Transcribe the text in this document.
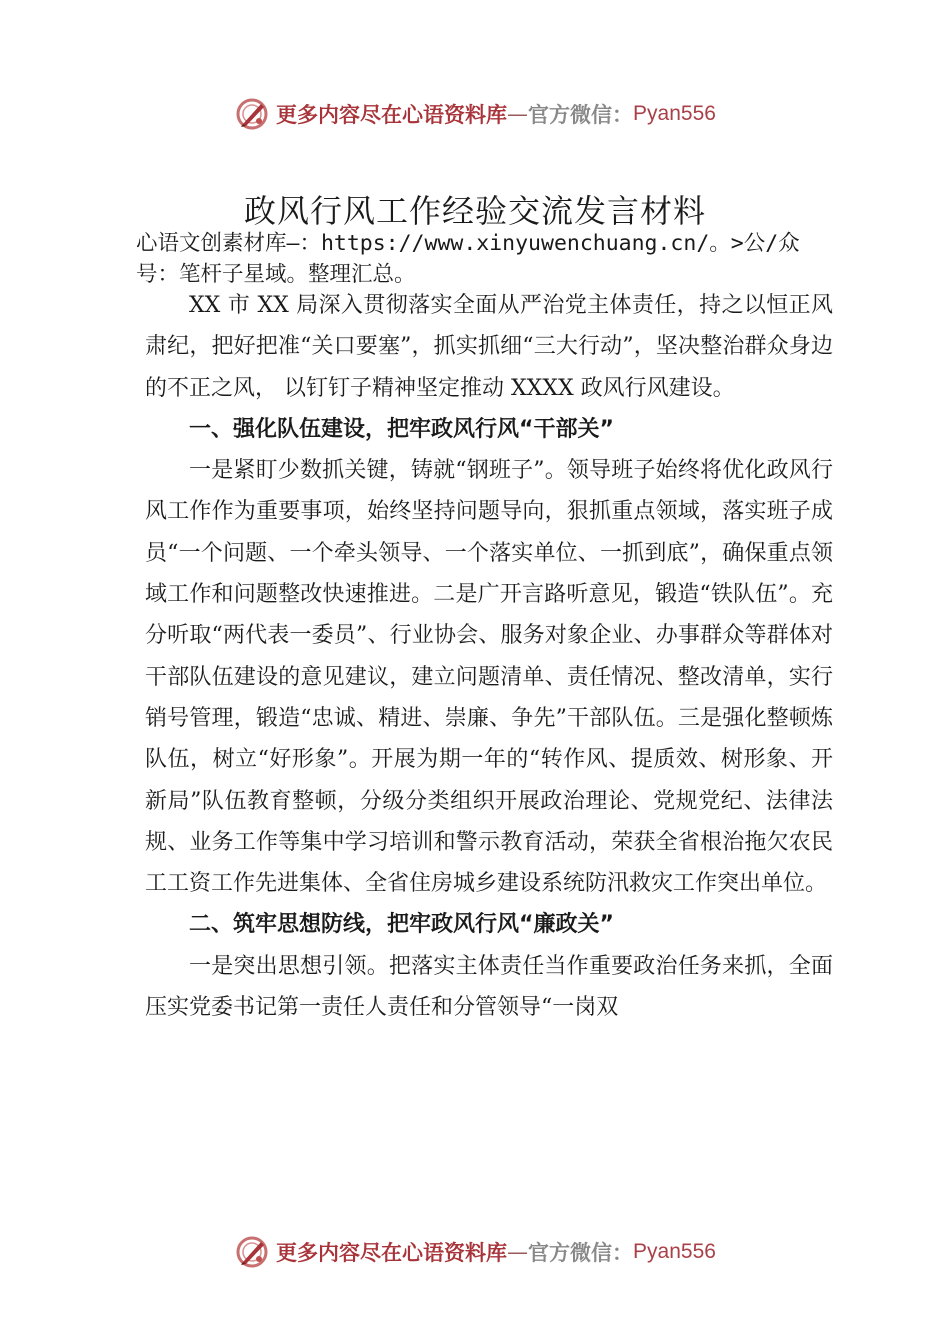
更多内容尽在心语资料库 — 官方微信： Pyan556
政风行风工作经验交流发言材料
心语文创素材库—：https://www.xinyuwenchuang.cn/。>公/众号：笔杆子星域。整理汇总。

XX 市 XX 局深入贯彻落实全面从严治党主体责任，持之以恒正风肃纪，把好把准“关口要塞”，抓实抓细“三大行动”，坚决整治群众身边的不正之风， 以钉钉子精神坚定推动 XXXX 政风行风建设。

一、强化队伍建设，把牢政风行风“干部关”

一是紧盯少数抓关键，铸就“钢班子”。领导班子始终将优化政风行风工作作为重要事项，始终坚持问题导向，狠抓重点领域，落实班子成员“一个问题、一个牵头领导、一个落实单位、一抓到底”，确保重点领域工作和问题整改快速推进。二是广开言路听意见，锻造“铁队伍”。充分听取“两代表一委员”、行业协会、服务对象企业、办事群众等群体对干部队伍建设的意见建议，建立问题清单、责任情况、整改清单，实行销号管理，锻造“忠诚、精进、崇廉、争先”干部队伍。三是强化整顿炼队伍，树立“好形象”。开展为期一年的“转作风、提质效、树形象、开新局”队伍教育整顿，分级分类组织开展政治理论、党规党纪、法律法规、业务工作等集中学习培训和警示教育活动，荣获全省根治拖欠农民工工资工作先进集体、全省住房城乡建设系统防汛救灾工作突出单位。

二、筑牢思想防线，把牢政风行风“廉政关”

一是突出思想引领。把落实主体责任当作重要政治任务来抓，全面压实党委书记第一责任人责任和分管领导“一岗双

更多内容尽在心语资料库 — 官方微信： Pyan556
